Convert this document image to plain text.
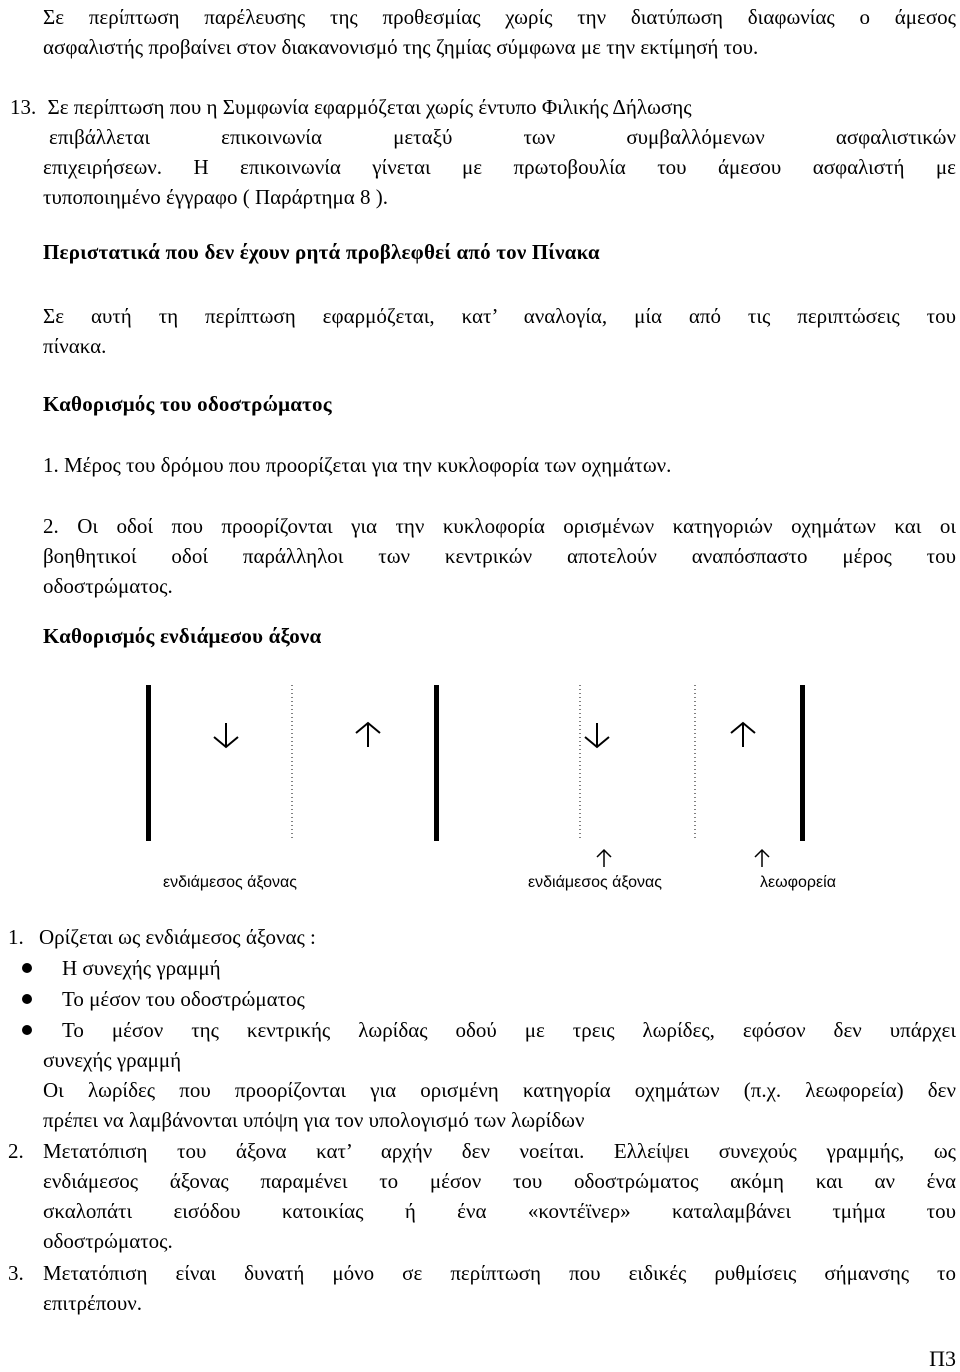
Σε περίπτωση παρέλευσης της προθεσμίας χωρίς την διατύπωση διαφωνίας ο άμεσος
ασφαλιστής προβαίνει στον διακανονισμό της ζημίας σύμφωνα με την εκτίμησή του.
13. Σε περίπτωση που η Συμφωνία εφαρμόζεται χωρίς έντυπο Φιλικής Δήλωσης
επιβάλλεται επικοινωνία μεταξύ των συμβαλλόμενων ασφαλιστικών
επιχειρήσεων. Η επικοινωνία γίνεται με πρωτοβουλία του άμεσου ασφαλιστή με
τυποποιημένο έγγραφο ( Παράρτημα 8 ).
Περιστατικά που δεν έχουν ρητά προβλεφθεί από τον Πίνακα
Σε αυτή τη περίπτωση εφαρμόζεται, κατ’ αναλογία, μία από τις περιπτώσεις του
πίνακα.
Καθορισμός του οδοστρώματος
1. Μέρος του δρόμου που προορίζεται για την κυκλοφορία των οχημάτων.
2. Οι οδοί που προορίζονται για την κυκλοφορία ορισμένων κατηγοριών οχημάτων και οι
βοηθητικοί οδοί παράλληλοι των κεντρικών αποτελούν αναπόσπαστο μέρος του
οδοστρώματος.
Καθορισμός ενδιάμεσου άξονα
ενδιάμεσος άξονας	ενδιάμεσος άξονας	λεωφορεία
1. Ορίζεται ως ενδιάμεσος άξονας :
Η συνεχής γραμμή
Το μέσον του οδοστρώματος
Το μέσον της κεντρικής λωρίδας οδού με τρεις λωρίδες, εφόσον δεν υπάρχει
συνεχής γραμμή
Οι λωρίδες που προορίζονται για ορισμένη κατηγορία οχημάτων (π.χ. λεωφορεία) δεν
πρέπει να λαμβάνονται υπόψη για τον υπολογισμό των λωρίδων
2. Μετατόπιση του άξονα κατ’ αρχήν δεν νοείται. Ελλείψει συνεχούς γραμμής, ως
ενδιάμεσος άξονας παραμένει το μέσον του οδοστρώματος ακόμη και αν ένα
σκαλοπάτι εισόδου κατοικίας ή ένα «κοντέϊνερ» καταλαμβάνει τμήμα του
οδοστρώματος.
3. Μετατόπιση είναι δυνατή μόνο σε περίπτωση που ειδικές ρυθμίσεις σήμανσης το
επιτρέπουν.
Π3
